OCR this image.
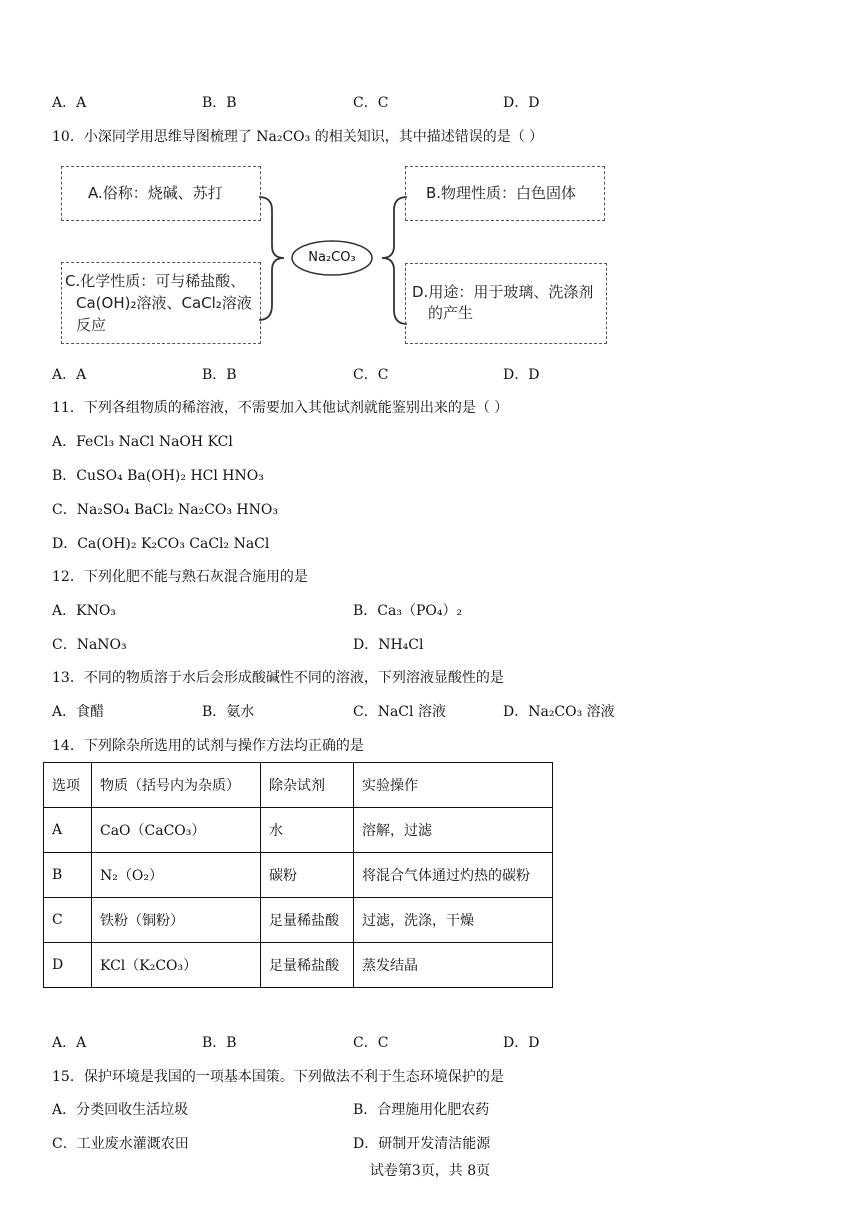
A．A	B．B	C．C	D．D
10．小深同学用思维导图梳理了 Na₂CO₃ 的相关知识，其中描述错误的是（ ）
Na₂CO₃
A.俗称：烧碱、苏打	B.物理性质：白色固体
C.化学性质：可与稀盐酸、
Ca(OH)₂溶液、CaCl₂溶液
反应
D.用途：用于玻璃、洗涤剂
的产生
A．A	B．B	C．C	D．D
11．下列各组物质的稀溶液，不需要加入其他试剂就能鉴别出来的是（ ）
A．FeCl₃ NaCl NaOH KCl
B．CuSO₄ Ba(OH)₂ HCl HNO₃
C．Na₂SO₄ BaCl₂ Na₂CO₃ HNO₃
D．Ca(OH)₂ K₂CO₃ CaCl₂ NaCl
12．下列化肥不能与熟石灰混合施用的是
A．KNO₃	B．Ca₃（PO₄）₂
C．NaNO₃	D．NH₄Cl
13．不同的物质溶于水后会形成酸碱性不同的溶液，下列溶液显酸性的是
A．食醋	B．氨水	C．NaCl 溶液	D．Na₂CO₃ 溶液
14．下列除杂所选用的试剂与操作方法均正确的是
选项	物质（括号内为杂质）	除杂试剂	实验操作
A	CaO（CaCO₃）	水	溶解，过滤
B	N₂（O₂）	碳粉	将混合气体通过灼热的碳粉
C	铁粉（铜粉）	足量稀盐酸	过滤，洗涤，干燥
D	KCl（K₂CO₃）	足量稀盐酸	蒸发结晶
A．A	B．B	C．C	D．D
15．保护环境是我国的一项基本国策。下列做法不利于生态环境保护的是
A．分类回收生活垃圾	B．合理施用化肥农药
C．工业废水灌溉农田	D．研制开发清洁能源
试卷第3页，共 8页
